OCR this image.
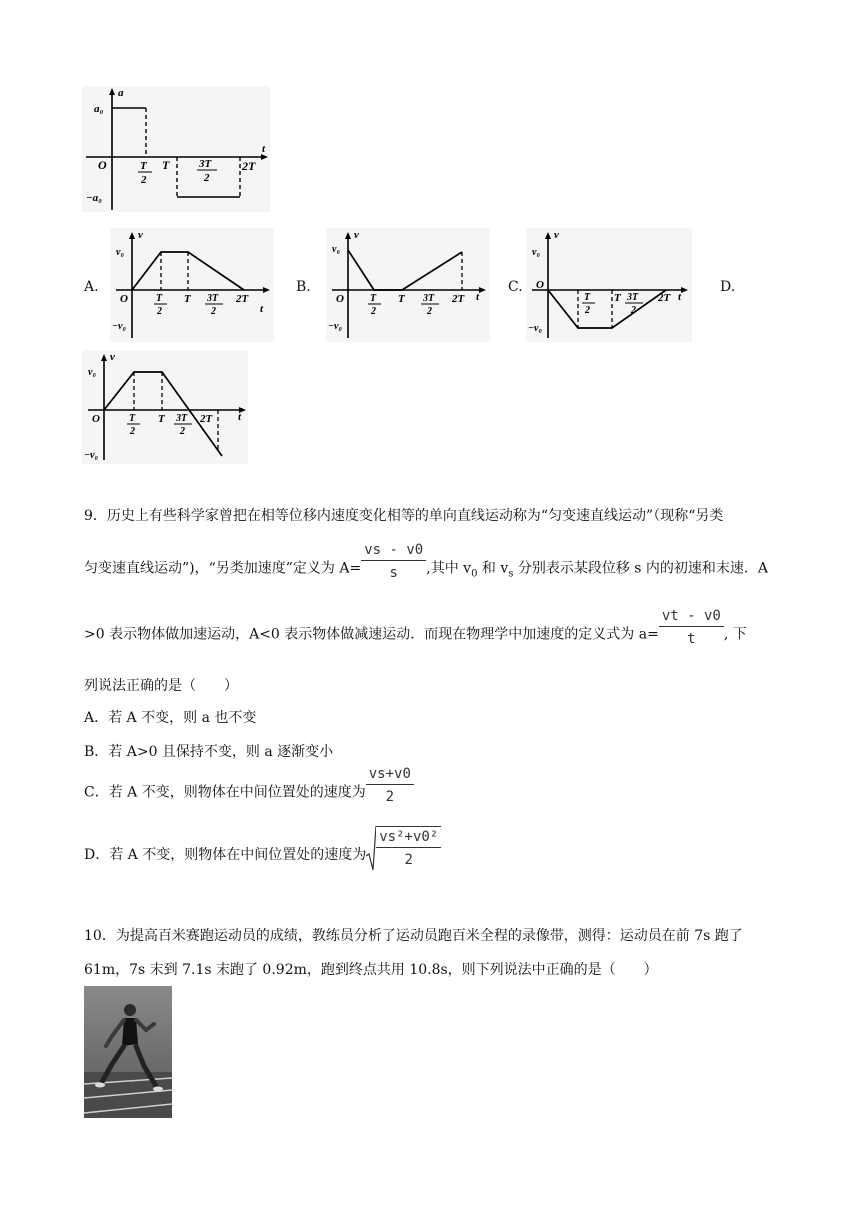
a
t
O
a₀
−a₀
T
2
T	3T
2
2T
A.	B.	C.	D.
v
t
v₀
−v₀
O	T
2
T 3T
2
2T
v
t
v₀
−v₀
O	T
2
T 3T
2
2T
v
t
v₀
−v₀
O
T
2
T 3T
2
2T
v
t
v₀
−v₀
O	T
2
T 3T
2
2T
9．历史上有些科学家曾把在相等位移内速度变化相等的单向直线运动称为“匀变速直线运动”（现称“另类
匀变速直线运动”)，“另类加速度”定义为 $A= \frac{vs - v0}{s}$ ,其中 $v_0$ 和 $v_s$ 分别表示某段位移 s 内的初速和末速．A
>0 表示物体做加速运动，A<0 表示物体做减速运动．而现在物理学中加速度的定义式为 $a= \frac{vt - v0}{t}$ , 下
列说法正确的是（　　）
A．若 A 不变，则 a 也不变
B．若 A>0 且保持不变，则 a 逐渐变小
C．若 A 不变，则物体在中间位置处的速度为 $\frac{vs+v0}{2}$
D．若 A 不变，则物体在中间位置处的速度为 $\frac{\text{vs²+v0²}}{2}$
10．为提高百米赛跑运动员的成绩，教练员分析了运动员跑百米全程的录像带，测得：运动员在前 7s 跑了
61m，7s 末到 7.1s 末跑了 0.92m，跑到终点共用 10.8s，则下列说法中正确的是（　　）
